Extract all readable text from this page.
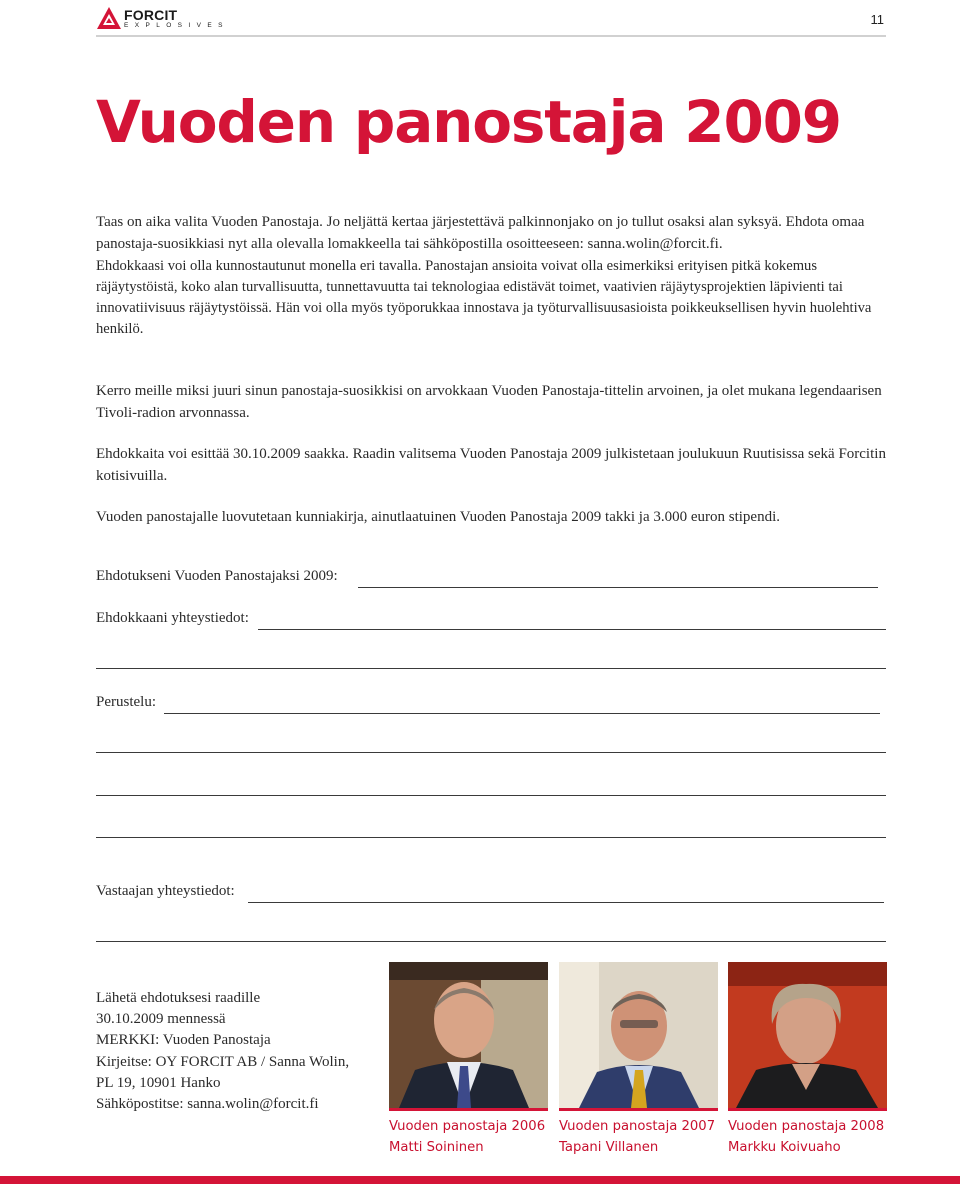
FORCIT
EXPLOSIVES	11
Vuoden panostaja 2009

Taas on aika valita Vuoden Panostaja. Jo neljättä kertaa järjestettävä palkinnonjako on jo tullut osaksi alan syksyä. Ehdota omaa panostaja-suosikkiasi nyt alla olevalla lomakkeella tai sähköpostilla osoitteeseen: sanna.wolin@forcit.fi.

Ehdokkaasi voi olla kunnostautunut monella eri tavalla. Panostajan ansioita voivat olla esimerkiksi erityisen pitkä kokemus räjäytystöistä, koko alan turvallisuutta, tunnettavuutta tai teknologiaa edistävät toimet, vaativien räjäytysprojektien läpivienti tai innovatiivisuus räjäytystöissä. Hän voi olla myös työporukkaa innostava ja työturvallisuusasioista poikkeuksellisen hyvin huolehtiva henkilö.

Kerro meille miksi juuri sinun panostaja-suosikkisi on arvokkaan Vuoden Panostaja-tittelin arvoinen, ja olet mukana legendaarisen Tivoli-radion arvonnassa.

Ehdokkaita voi esittää 30.10.2009 saakka. Raadin valitsema Vuoden Panostaja 2009 julkistetaan joulukuun Ruutisissa sekä Forcitin kotisivuilla.

Vuoden panostajalle luovutetaan kunniakirja, ainutlaatuinen Vuoden Panostaja 2009 takki ja 3.000 euron stipendi.

Ehdotukseni Vuoden Panostajaksi 2009:
Ehdokkaani yhteystiedot:
Perustelu:
Vastaajan yhteystiedot:
Lähetä ehdotuksesi raadille
30.10.2009 mennessä
MERKKI: Vuoden Panostaja
Kirjeitse: OY FORCIT AB / Sanna Wolin,
PL 19, 10901 Hanko
Sähköpostitse: sanna.wolin@forcit.fi
Vuoden panostaja 2006
Matti Soininen
Vuoden panostaja 2007
Tapani Villanen
Vuoden panostaja 2008
Markku Koivuaho
